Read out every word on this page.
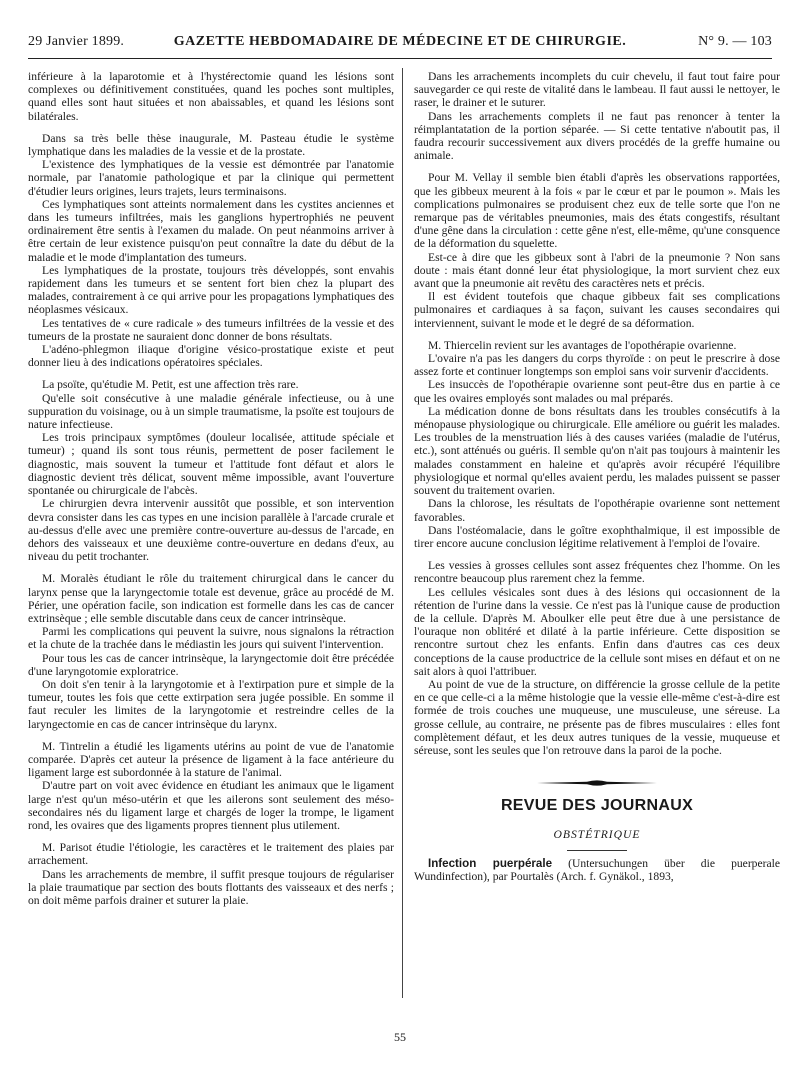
29 Janvier 1899.	GAZETTE HEBDOMADAIRE DE MÉDECINE ET DE CHIRURGIE.	N° 9. — 103

inférieure à la laparotomie et à l'hystérectomie quand les lésions sont complexes ou définitivement constituées, quand les poches sont multiples, quand elles sont haut situées et non abaissables, et quand les lésions sont bilatérales.

Dans sa très belle thèse inaugurale, M. Pasteau étudie le système lymphatique dans les maladies de la vessie et de la prostate.

L'existence des lymphatiques de la vessie est démontrée par l'anatomie normale, par l'anatomie pathologique et par la clinique qui permettent d'étudier leurs origines, leurs trajets, leurs terminaisons.

Ces lymphatiques sont atteints normalement dans les cystites anciennes et dans les tumeurs infiltrées, mais les ganglions hypertrophiés ne peuvent ordinairement être sentis à l'examen du malade. On peut néanmoins arriver à être certain de leur existence puisqu'on peut connaître la date du début de la maladie et le mode d'implantation des tumeurs.

Les lymphatiques de la prostate, toujours très développés, sont envahis rapidement dans les tumeurs et se sentent fort bien chez la plupart des malades, contrairement à ce qui arrive pour les propagations lymphatiques des néoplasmes vésicaux.

Les tentatives de « cure radicale » des tumeurs infiltrées de la vessie et des tumeurs de la prostate ne sauraient donc donner de bons résultats.

L'adéno-phlegmon iliaque d'origine vésico-prostatique existe et peut donner lieu à des indications opératoires spéciales.

La psoïte, qu'étudie M. Petit, est une affection très rare.

Qu'elle soit consécutive à une maladie générale infectieuse, ou à une suppuration du voisinage, ou à un simple traumatisme, la psoïte est toujours de nature infectieuse.

Les trois principaux symptômes (douleur localisée, attitude spéciale et tumeur) ; quand ils sont tous réunis, permettent de poser facilement le diagnostic, mais souvent la tumeur et l'attitude font défaut et alors le diagnostic devient très délicat, souvent même impossible, avant l'ouverture spontanée ou chirurgicale de l'abcès.

Le chirurgien devra intervenir aussitôt que possible, et son intervention devra consister dans les cas types en une incision parallèle à l'arcade crurale et au-dessus d'elle avec une première contre-ouverture au-dessus de l'arcade, en dehors des vaisseaux et une deuxième contre-ouverture en dedans d'eux, au niveau du petit trochanter.

M. Moralès étudiant le rôle du traitement chirurgical dans le cancer du larynx pense que la laryngectomie totale est devenue, grâce au procédé de M. Périer, une opération facile, son indication est formelle dans les cas de cancer extrinsèque ; elle semble discutable dans ceux de cancer intrinsèque.

Parmi les complications qui peuvent la suivre, nous signalons la rétraction et la chute de la trachée dans le médiastin les jours qui suivent l'intervention.

Pour tous les cas de cancer intrinsèque, la laryngectomie doit être précédée d'une laryngotomie exploratrice.

On doit s'en tenir à la laryngotomie et à l'extirpation pure et simple de la tumeur, toutes les fois que cette extirpation sera jugée possible. En somme il faut reculer les limites de la laryngotomie et restreindre celles de la laryngectomie en cas de cancer intrinsèque du larynx.

M. Tintrelin a étudié les ligaments utérins au point de vue de l'anatomie comparée. D'après cet auteur la présence de ligament à la face antérieure du ligament large est subordonnée à la stature de l'animal.

D'autre part on voit avec évidence en étudiant les animaux que le ligament large n'est qu'un méso-utérin et que les ailerons sont seulement des méso-secondaires nés du ligament large et chargés de loger la trompe, le ligament rond, les ovaires que des ligaments propres tiennent plus utilement.

M. Parisot étudie l'étiologie, les caractères et le traitement des plaies par arrachement.

Dans les arrachements de membre, il suffit presque toujours de régulariser la plaie traumatique par section des bouts flottants des vaisseaux et des nerfs ; on doit même parfois drainer et suturer la plaie.

Dans les arrachements incomplets du cuir chevelu, il faut tout faire pour sauvegarder ce qui reste de vitalité dans le lambeau. Il faut aussi le nettoyer, le raser, le drainer et le suturer.

Dans les arrachements complets il ne faut pas renoncer à tenter la réimplantatation de la portion séparée. — Si cette tentative n'aboutit pas, il faudra recourir successivement aux divers procédés de la greffe humaine ou animale.

Pour M. Vellay il semble bien établi d'après les observations rapportées, que les gibbeux meurent à la fois « par le cœur et par le poumon ». Mais les complications pulmonaires se produisent chez eux de telle sorte que l'on ne remarque pas de véritables pneumonies, mais des états congestifs, résultant d'une gêne dans la circulation : cette gêne n'est, elle-même, qu'une consquence de la déformation du squelette.

Est-ce à dire que les gibbeux sont à l'abri de la pneumonie ? Non sans doute : mais étant donné leur état physiologique, la mort survient chez eux avant que la pneumonie ait revêtu des caractères nets et précis.

Il est évident toutefois que chaque gibbeux fait ses complications pulmonaires et cardiaques à sa façon, suivant les causes secondaires qui interviennent, suivant le mode et le degré de sa déformation.

M. Thiercelin revient sur les avantages de l'opothérapie ovarienne.

L'ovaire n'a pas les dangers du corps thyroïde : on peut le prescrire à dose assez forte et continuer longtemps son emploi sans voir survenir d'accidents.

Les insuccès de l'opothérapie ovarienne sont peut-être dus en partie à ce que les ovaires employés sont malades ou mal préparés.

La médication donne de bons résultats dans les troubles consécutifs à la ménopause physiologique ou chirurgicale. Elle améliore ou guérit les malades. Les troubles de la menstruation liés à des causes variées (maladie de l'utérus, etc.), sont atténués ou guéris. Il semble qu'on n'ait pas toujours à maintenir les malades constamment en haleine et qu'après avoir récupéré l'équilibre physiologique et normal qu'elles avaient perdu, les malades puissent se passer souvent du traitement ovarien.

Dans la chlorose, les résultats de l'opothérapie ovarienne sont nettement favorables.

Dans l'ostéomalacie, dans le goître exophthalmique, il est impossible de tirer encore aucune conclusion légitime relativement à l'emploi de l'ovaire.

Les vessies à grosses cellules sont assez fréquentes chez l'homme. On les rencontre beaucoup plus rarement chez la femme.

Les cellules vésicales sont dues à des lésions qui occasionnent de la rétention de l'urine dans la vessie. Ce n'est pas là l'unique cause de production de la cellule. D'après M. Aboulker elle peut être due à une persistance de l'ouraque non oblitéré et dilaté à la partie inférieure. Cette disposition se rencontre surtout chez les enfants. Enfin dans d'autres cas ces deux conceptions de la cause productrice de la cellule sont mises en défaut et on ne sait alors à quoi l'attribuer.

Au point de vue de la structure, on différencie la grosse cellule de la petite en ce que celle-ci a la même histologie que la vessie elle-même c'est-à-dire est formée de trois couches une muqueuse, une musculeuse, une séreuse. La grosse cellule, au contraire, ne présente pas de fibres musculaires : elles font complètement défaut, et les deux autres tuniques de la vessie, muqueuse et séreuse, sont les seules que l'on retrouve dans la paroi de la poche.

REVUE DES JOURNAUX
OBSTÉTRIQUE

Infection puerpérale (Untersuchungen über die puerperale Wundinfection), par Pourtalès (Arch. f. Gynäkol., 1893,

55
